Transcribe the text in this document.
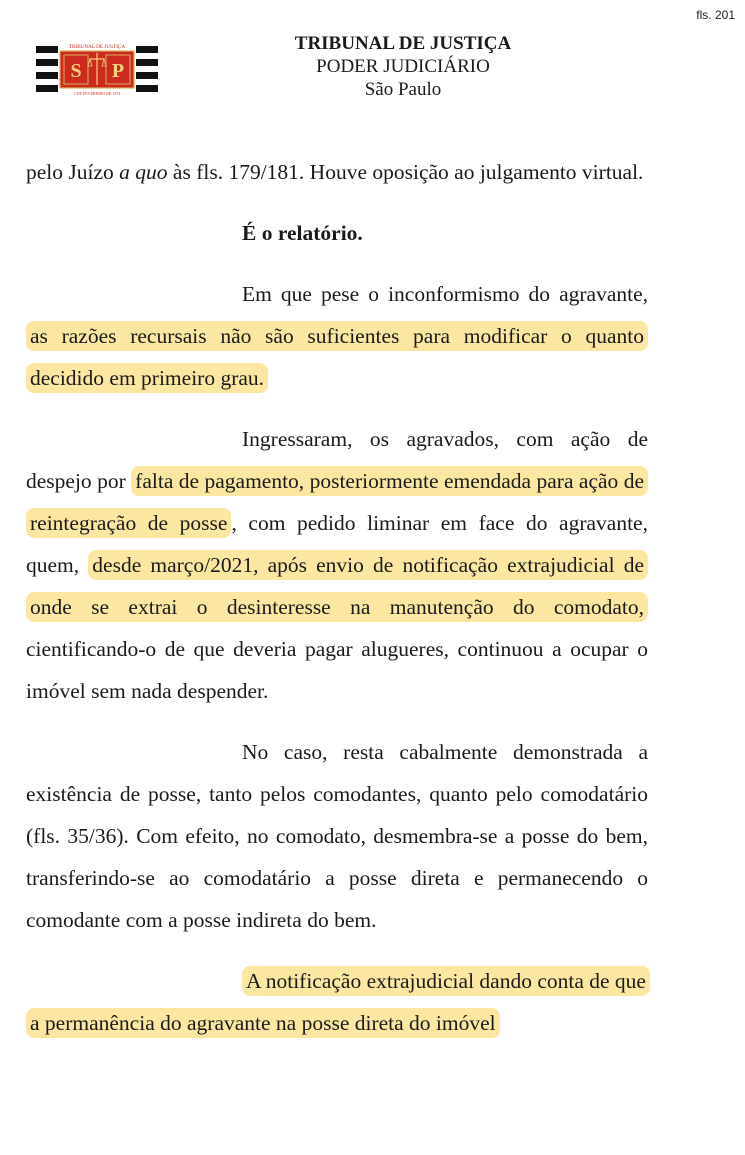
fls. 201
S P
TRIBUNAL DE JUSTIÇA
3 DE FEVEREIRO DE 1874
TRIBUNAL DE JUSTIÇA
PODER JUDICIÁRIO
São Paulo

pelo Juízo a quo às fls. 179/181. Houve oposição ao julgamento virtual.

É o relatório.

Em que pese o inconformismo do agravante, as razões recursais não são suficientes para modificar o quanto decidido em primeiro grau.

Ingressaram, os agravados, com ação de despejo por falta de pagamento, posteriormente emendada para ação de reintegração de posse , com pedido liminar em face do agravante, quem, desde março/2021, após envio de notificação extrajudicial de onde se extrai o desinteresse na manutenção do comodato, cientificando-o de que deveria pagar alugueres, continuou a ocupar o imóvel sem nada despender.

No caso, resta cabalmente demonstrada a existência de posse, tanto pelos comodantes, quanto pelo comodatário (fls. 35/36). Com efeito, no comodato, desmembra-se a posse do bem, transferindo-se ao comodatário a posse direta e permanecendo o comodante com a posse indireta do bem.

A notificação extrajudicial dando conta de que a permanência do agravante na posse direta do imóvel
